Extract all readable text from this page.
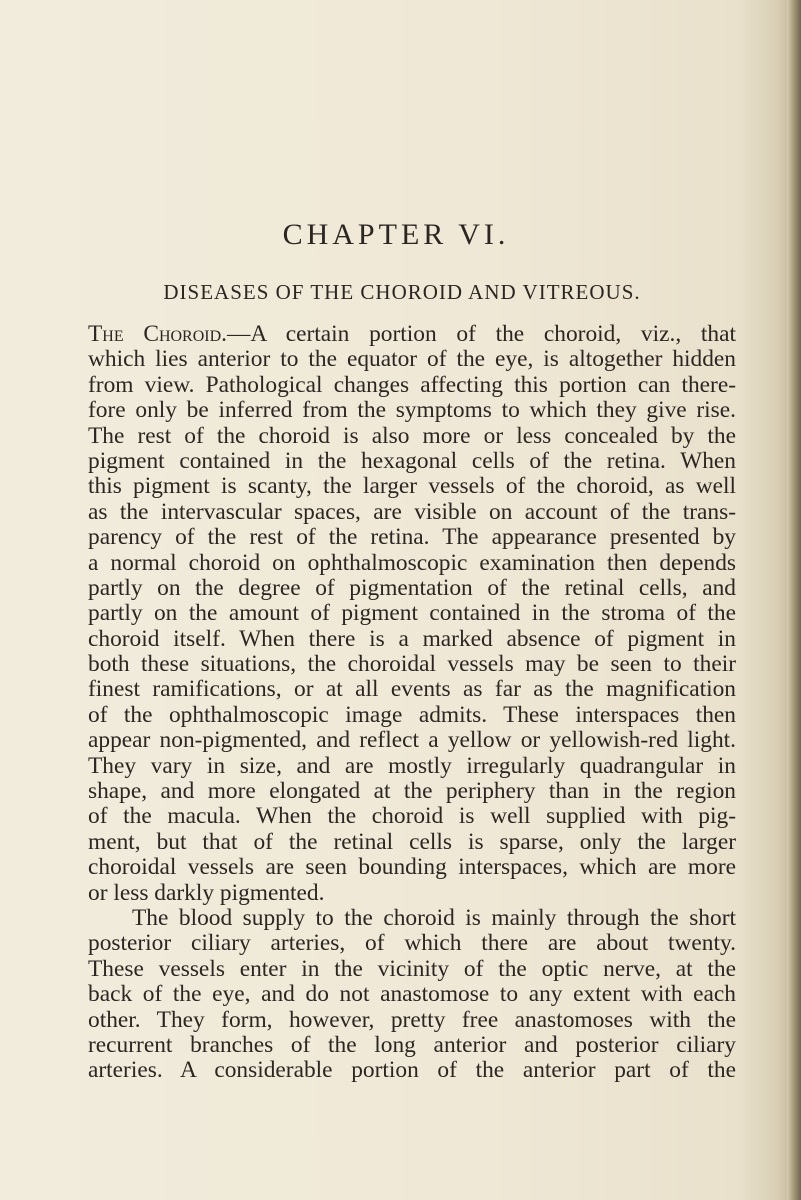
CHAPTER VI.
DISEASES OF THE CHOROID AND VITREOUS.
The Choroid.—A certain portion of the choroid, viz., that
which lies anterior to the equator of the eye, is altogether hidden
from view. Pathological changes affecting this portion can there-
fore only be inferred from the symptoms to which they give rise.
The rest of the choroid is also more or less concealed by the
pigment contained in the hexagonal cells of the retina. When
this pigment is scanty, the larger vessels of the choroid, as well
as the intervascular spaces, are visible on account of the trans-
parency of the rest of the retina. The appearance presented by
a normal choroid on ophthalmoscopic examination then depends
partly on the degree of pigmentation of the retinal cells, and
partly on the amount of pigment contained in the stroma of the
choroid itself. When there is a marked absence of pigment in
both these situations, the choroidal vessels may be seen to their
finest ramifications, or at all events as far as the magnification
of the ophthalmoscopic image admits. These interspaces then
appear non-pigmented, and reflect a yellow or yellowish-red light.
They vary in size, and are mostly irregularly quadrangular in
shape, and more elongated at the periphery than in the region
of the macula. When the choroid is well supplied with pig-
ment, but that of the retinal cells is sparse, only the larger
choroidal vessels are seen bounding interspaces, which are more
or less darkly pigmented.
The blood supply to the choroid is mainly through the short
posterior ciliary arteries, of which there are about twenty.
These vessels enter in the vicinity of the optic nerve, at the
back of the eye, and do not anastomose to any extent with each
other. They form, however, pretty free anastomoses with the
recurrent branches of the long anterior and posterior ciliary
arteries. A considerable portion of the anterior part of the
